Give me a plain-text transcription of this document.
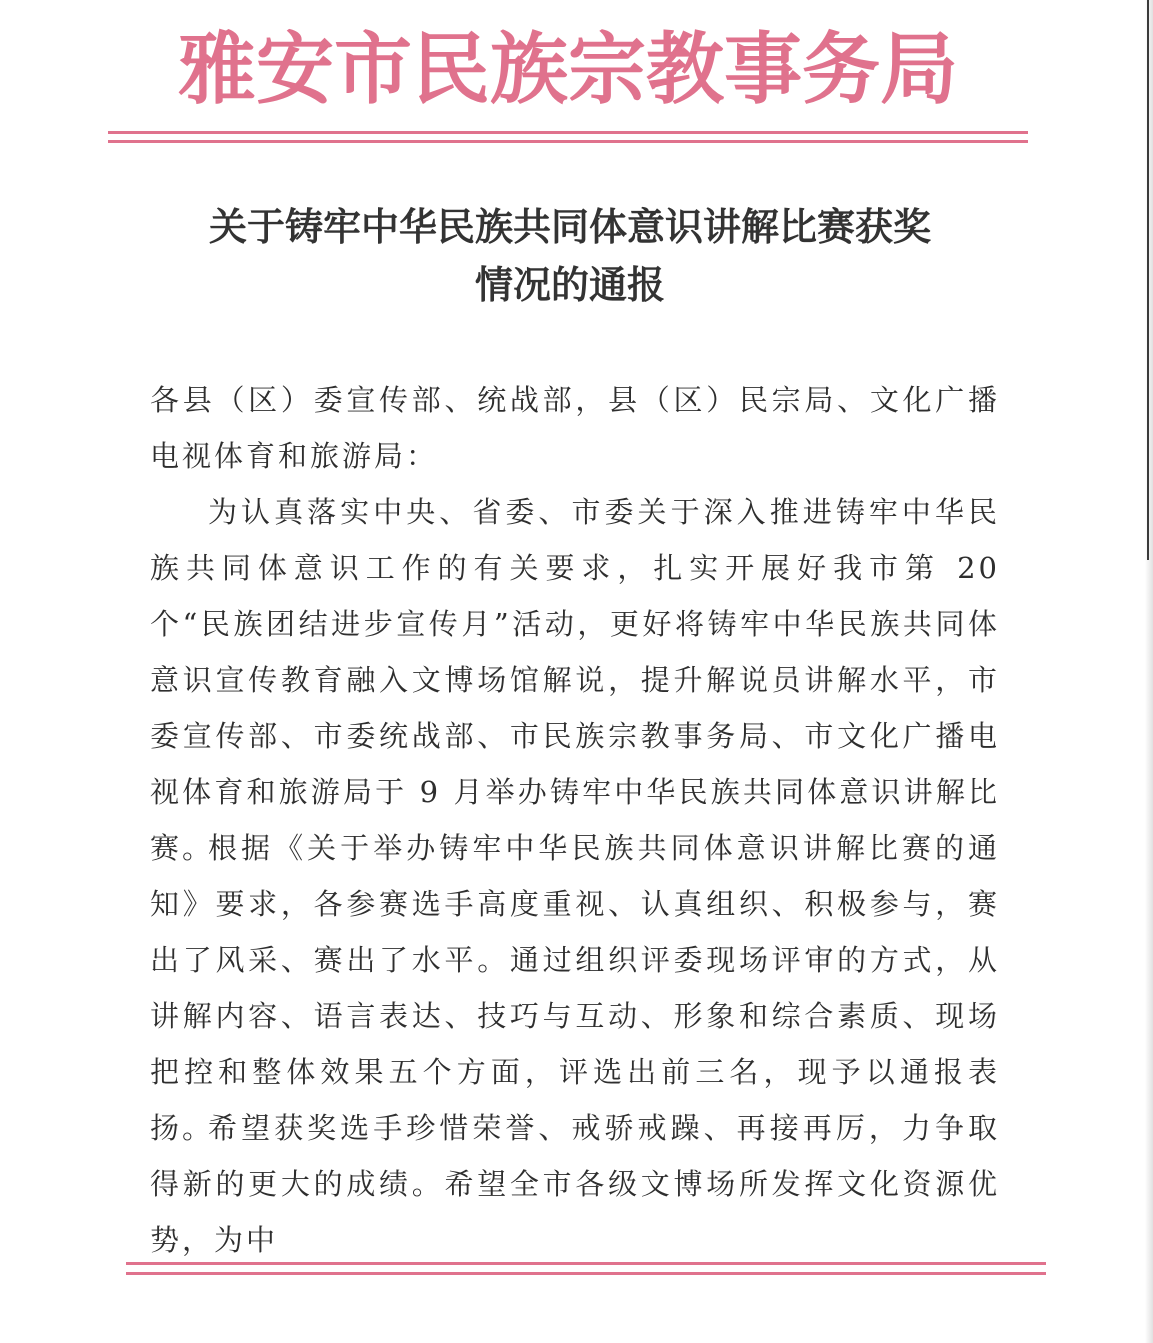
雅安市民族宗教事务局
关于铸牢中华民族共同体意识讲解比赛获奖
情况的通报

各县（区）委宣传部、统战部，县（区）民宗局、文化广播电视体育和旅游局：

为认真落实中央、省委、市委关于深入推进铸牢中华民族共同体意识工作的有关要求，扎实开展好我市第 20 个“民族团结进步宣传月”活动，更好将铸牢中华民族共同体意识宣传教育融入文博场馆解说，提升解说员讲解水平，市委宣传部、市委统战部、市民族宗教事务局、市文化广播电视体育和旅游局于 9 月举办铸牢中华民族共同体意识讲解比赛。

根据《关于举办铸牢中华民族共同体意识讲解比赛的通知》要求，各参赛选手高度重视、认真组织、积极参与，赛出了风采、赛出了水平。通过组织评委现场评审的方式，从讲解内容、语言表达、技巧与互动、形象和综合素质、现场把控和整体效果五个方面，评选出前三名，现予以通报表扬。

希望获奖选手珍惜荣誉、戒骄戒躁、再接再厉，力争取得新的更大的成绩。希望全市各级文博场所发挥文化资源优势，为中
